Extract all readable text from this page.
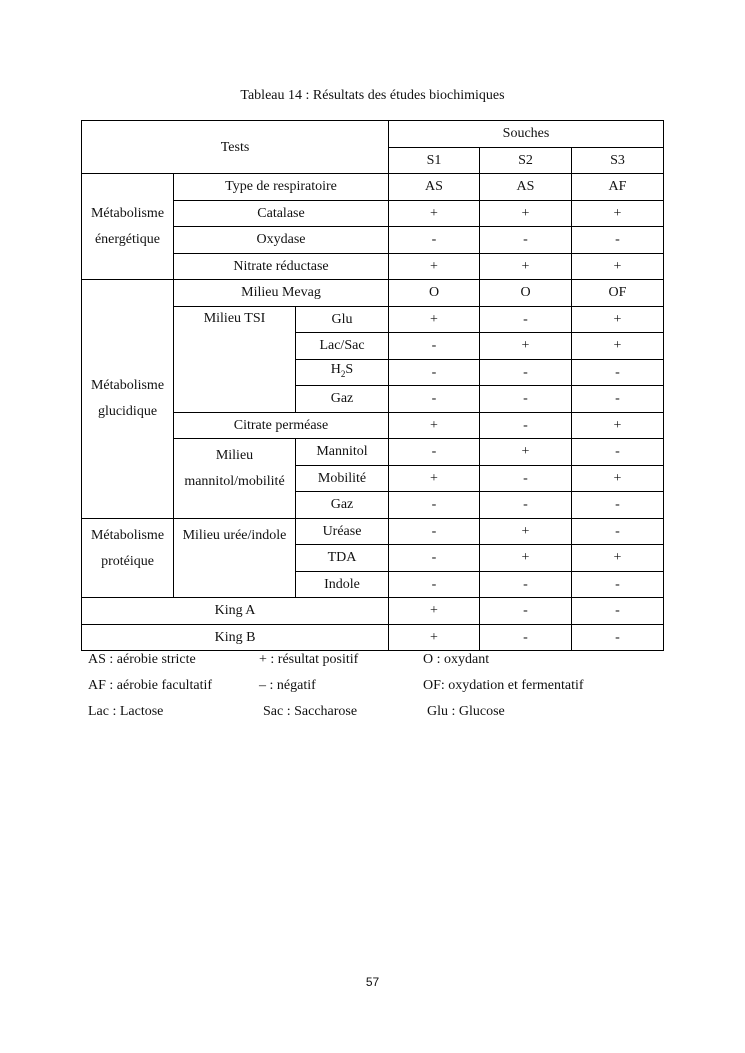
Tableau 14 : Résultats des études biochimiques
Tests			Souches		
			S1	S2	S3
Métabolisme énergétique	Type de respiratoire		AS	AS	AF
	Catalase		+	+	+
	Oxydase		-	-	-
	Nitrate réductase		+	+	+
Métabolisme glucidique	Milieu Mevag		O	O	OF
	Milieu TSI	Glu	+	-	+
		Lac/Sac	-	+	+
		$H_2S$	-	-	-
		Gaz	-	-	-
	Citrate perméase		+	-	+
	Milieu mannitol/mobilité	Mannitol	-	+	-
		Mobilité	+	-	+
		Gaz	-	-	-
Métabolisme protéique	Milieu urée/indole	Uréase	-	+	-
		TDA	-	+	+
		Indole	-	-	-
King A			+	-	-
King B			+	-	-
AS : aérobie stricte	+ : résultat positif	O : oxydant
AF : aérobie facultatif	– : négatif	OF: oxydation et fermentatif
Lac : Lactose	Sac : Saccharose	Glu : Glucose
57
